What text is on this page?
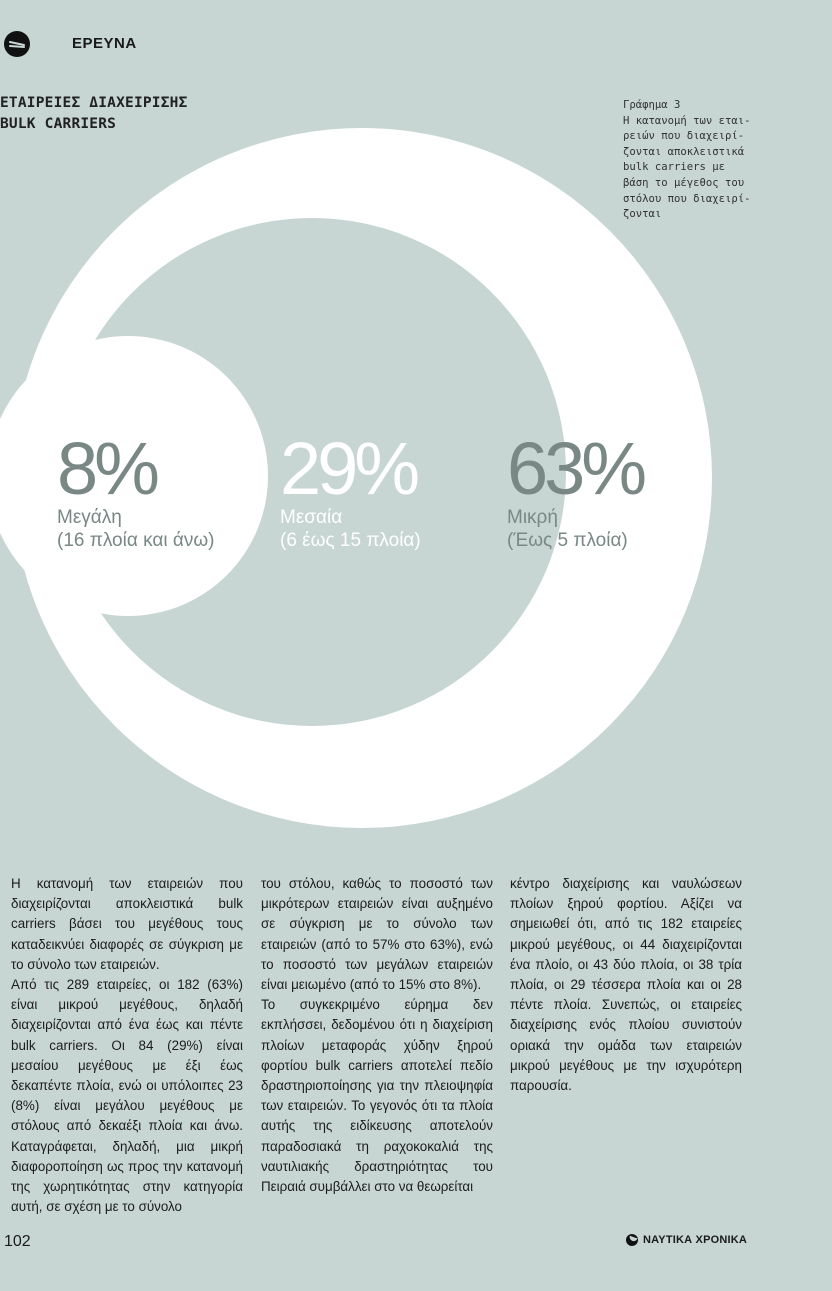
ΕΡΕΥΝΑ
ΕΤΑΙΡΕΙΕΣ ΔΙΑΧΕΙΡΙΣΗΣ
BULK CARRIERS
Γράφημα 3
Η κατανομή των εται-
ρειών που διαχειρί-
ζονται αποκλειστικά
bulk carriers με
βάση το μέγεθος του
στόλου που διαχειρί-
ζονται
8%
Μεγάλη
(16 πλοία και άνω)
29%
Μεσαία
(6 έως 15 πλοία)
63%
Μικρή
(Έως 5 πλοία)

Η κατανομή των εταιρειών που διαχειρίζονται αποκλειστικά bulk carriers βάσει του μεγέθους τους καταδεικνύει διαφορές σε σύγκριση με το σύνολο των εταιρειών.

Από τις 289 εταιρείες, οι 182 (63%) είναι μικρού μεγέθους, δηλαδή διαχειρίζονται από ένα έως και πέντε bulk carriers. Οι 84 (29%) είναι μεσαίου μεγέθους με έξι έως δεκαπέντε πλοία, ενώ οι υπόλοιπες 23 (8%) είναι μεγάλου μεγέθους με στόλους από δεκαέξι πλοία και άνω. Καταγράφεται, δηλαδή, μια μικρή διαφοροποίηση ως προς την κατανομή της χωρητικότητας στην κατηγορία αυτή, σε σχέση με το σύνολο

του στόλου, καθώς το ποσοστό των μικρότερων εταιρειών είναι αυξημένο σε σύγκριση με το σύνολο των εταιρειών (από το 57% στο 63%), ενώ το ποσοστό των μεγάλων εταιρειών είναι μειωμένο (από το 15% στο 8%).

Το συγκεκριμένο εύρημα δεν εκπλήσσει, δεδομένου ότι η διαχείριση πλοίων μεταφοράς χύδην ξηρού φορτίου bulk carriers αποτελεί πεδίο δραστηριοποίησης για την πλειοψηφία των εταιρειών. Το γεγονός ότι τα πλοία αυτής της ειδίκευσης αποτελούν παραδοσιακά τη ραχοκοκαλιά της ναυτιλιακής δραστηριότητας του Πειραιά συμβάλλει στο να θεωρείται

κέντρο διαχείρισης και ναυλώσεων πλοίων ξηρού φορτίου. Αξίζει να σημειωθεί ότι, από τις 182 εταιρείες μικρού μεγέθους, οι 44 διαχειρίζονται ένα πλοίο, οι 43 δύο πλοία, οι 38 τρία πλοία, οι 29 τέσσερα πλοία και οι 28 πέντε πλοία. Συνεπώς, οι εταιρείες διαχείρισης ενός πλοίου συνιστούν οριακά την ομάδα των εταιρειών μικρού μεγέθους με την ισχυρότερη παρουσία.

102	ΝΑΥΤΙΚΑ ΧΡΟΝΙΚΑ
